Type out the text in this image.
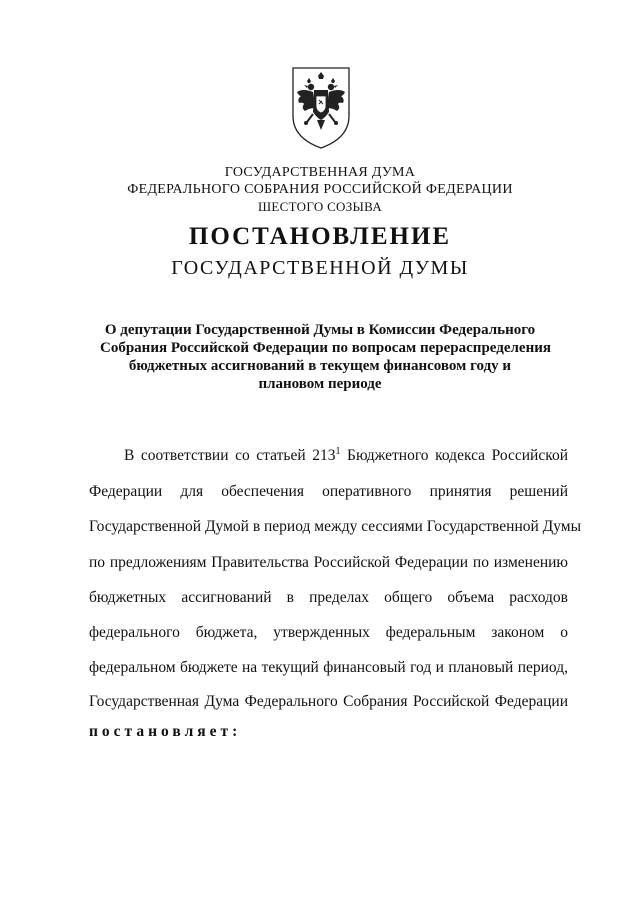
ГОСУДАРСТВЕННАЯ ДУМА
ФЕДЕРАЛЬНОГО СОБРАНИЯ РОССИЙСКОЙ ФЕДЕРАЦИИ
ШЕСТОГО СОЗЫВА
ПОСТАНОВЛЕНИЕ
ГОСУДАРСТВЕННОЙ ДУМЫ
О депутации Государственной Думы в Комиссии Федерального
Собрания Российской Федерации по вопросам перераспределения
бюджетных ассигнований в текущем финансовом году и
плановом периоде
В соответствии со статьей $213^1$ Бюджетного кодекса Российской
Федерации для обеспечения оперативного принятия решений
Государственной Думой в период между сессиями Государственной Думы
по предложениям Правительства Российской Федерации по изменению
бюджетных ассигнований в пределах общего объема расходов
федерального бюджета, утвержденных федеральным законом о
федеральном бюджете на текущий финансовый год и плановый период,
Государственная Дума Федерального Собрания Российской Федерации
постановляет:
